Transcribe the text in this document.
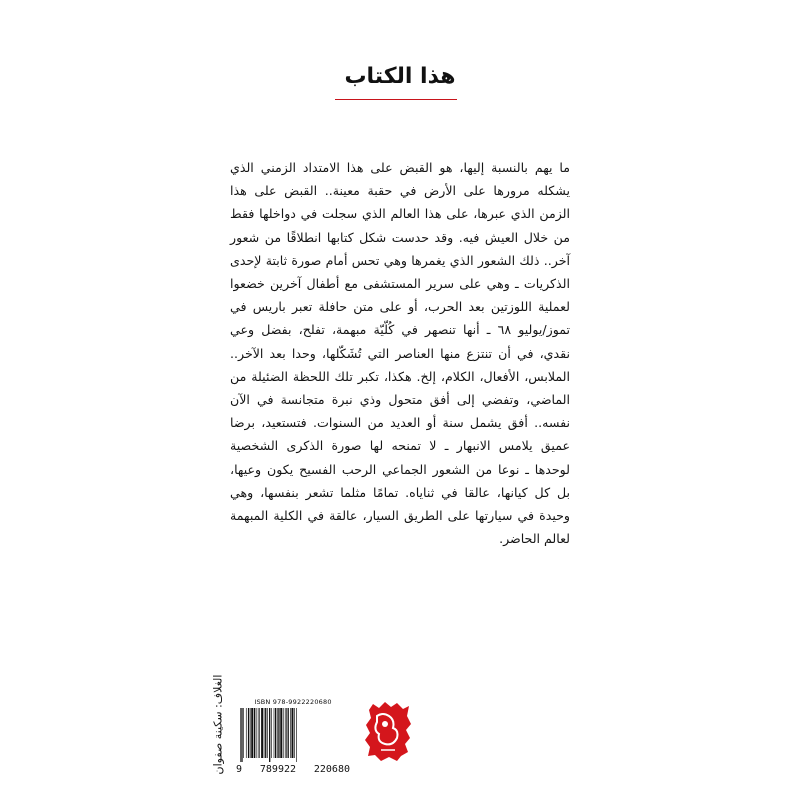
هذا الكتاب

ما يهم بالنسبة إليها، هو القبض على هذا الامتداد الزمني الذي يشكله مرورها على الأرض في حقبة معينة.. القبض على هذا الزمن الذي عبرها، على هذا العالم الذي سجلت في دواخلها فقط من خلال العيش فيه. وقد حدست شكل كتابها انطلاقًا من شعور آخر.. ذلك الشعور الذي يغمرها وهي تحس أمام صورة ثابتة لإحدى الذكريات ـ وهي على سرير المستشفى مع أطفال آخرين خضعوا لعملية اللوزتين بعد الحرب، أو على متن حافلة تعبر باريس في تموز/يوليو ٦٨ ـ أنها تنصهر في كُلّيّة مبهمة، تفلح، بفضل وعي نقدي، في أن تنتزع منها العناصر التي تُشَكّلها، وحدا بعد الآخر.. الملابس، الأفعال، الكلام، إلخ. هكذا، تكبر تلك اللحظة الضئيلة من الماضي، وتفضي إلى أفق متحول وذي نبرة متجانسة في الآن نفسه.. أفق يشمل سنة أو العديد من السنوات. فتستعيد، برضا عميق يلامس الانبهار ـ لا تمنحه لها صورة الذكرى الشخصية لوحدها ـ نوعا من الشعور الجماعي الرحب الفسيح يكون وعيها، بل كل كيانها، عالقا في ثناياه. تمامًا مثلما تشعر بنفسها، وهي وحيدة في سيارتها على الطريق السيار، عالقة في الكلية المبهمة لعالم الحاضر.

الغلاف: سكينة صفوان	ISBN 978-9922220680
9 789922 220680
